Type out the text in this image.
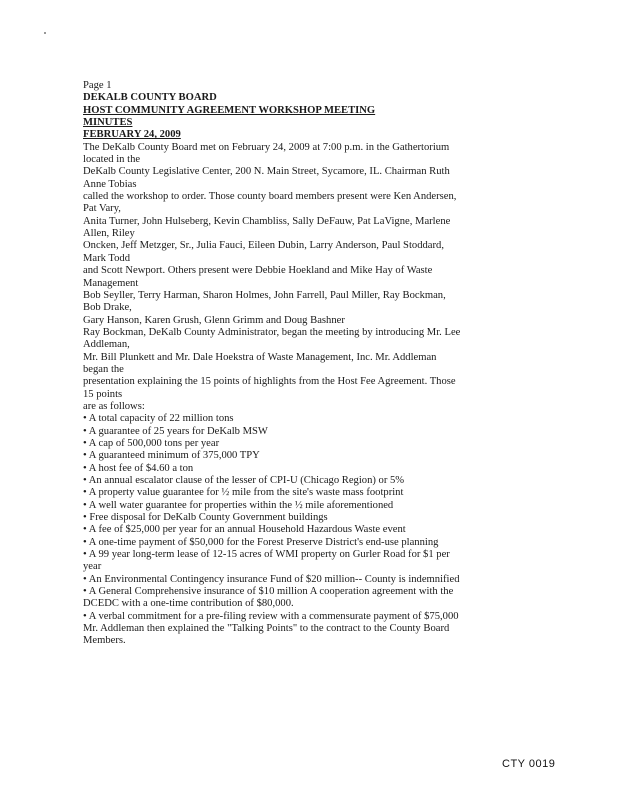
Page 1
DEKALB COUNTY BOARD
HOST COMMUNITY AGREEMENT WORKSHOP MEETING
MINUTES
FEBRUARY 24, 2009
The DeKalb County Board met on February 24, 2009 at 7:00 p.m. in the Gathertorium
located in the
DeKalb County Legislative Center, 200 N. Main Street, Sycamore, IL. Chairman Ruth
Anne Tobias
called the workshop to order. Those county board members present were Ken Andersen,
Pat Vary,
Anita Turner, John Hulseberg, Kevin Chambliss, Sally DeFauw, Pat LaVigne, Marlene
Allen, Riley
Oncken, Jeff Metzger, Sr., Julia Fauci, Eileen Dubin, Larry Anderson, Paul Stoddard,
Mark Todd
and Scott Newport. Others present were Debbie Hoekland and Mike Hay of Waste
Management
Bob Seyller, Terry Harman, Sharon Holmes, John Farrell, Paul Miller, Ray Bockman,
Bob Drake,
Gary Hanson, Karen Grush, Glenn Grimm and Doug Bashner
Ray Bockman, DeKalb County Administrator, began the meeting by introducing Mr. Lee
Addleman,
Mr. Bill Plunkett and Mr. Dale Hoekstra of Waste Management, Inc. Mr. Addleman
began the
presentation explaining the 15 points of highlights from the Host Fee Agreement. Those
15 points
are as follows:
• A total capacity of 22 million tons
• A guarantee of 25 years for DeKalb MSW
• A cap of 500,000 tons per year
• A guaranteed minimum of 375,000 TPY
• A host fee of $4.60 a ton
• An annual escalator clause of the lesser of CPI-U (Chicago Region) or 5%
• A property value guarantee for ½ mile from the site's waste mass footprint
• A well water guarantee for properties within the ½ mile aforementioned
• Free disposal for DeKalb County Government buildings
• A fee of $25,000 per year for an annual Household Hazardous Waste event
• A one-time payment of $50,000 for the Forest Preserve District's end-use planning
• A 99 year long-term lease of 12-15 acres of WMI property on Gurler Road for $1 per
year
• An Environmental Contingency insurance Fund of $20 million-- County is indemnified
• A General Comprehensive insurance of $10 million A cooperation agreement with the
DCEDC with a one-time contribution of $80,000.
• A verbal commitment for a pre-filing review with a commensurate payment of $75,000
Mr. Addleman then explained the "Talking Points" to the contract to the County Board
Members.
CTY 0019
